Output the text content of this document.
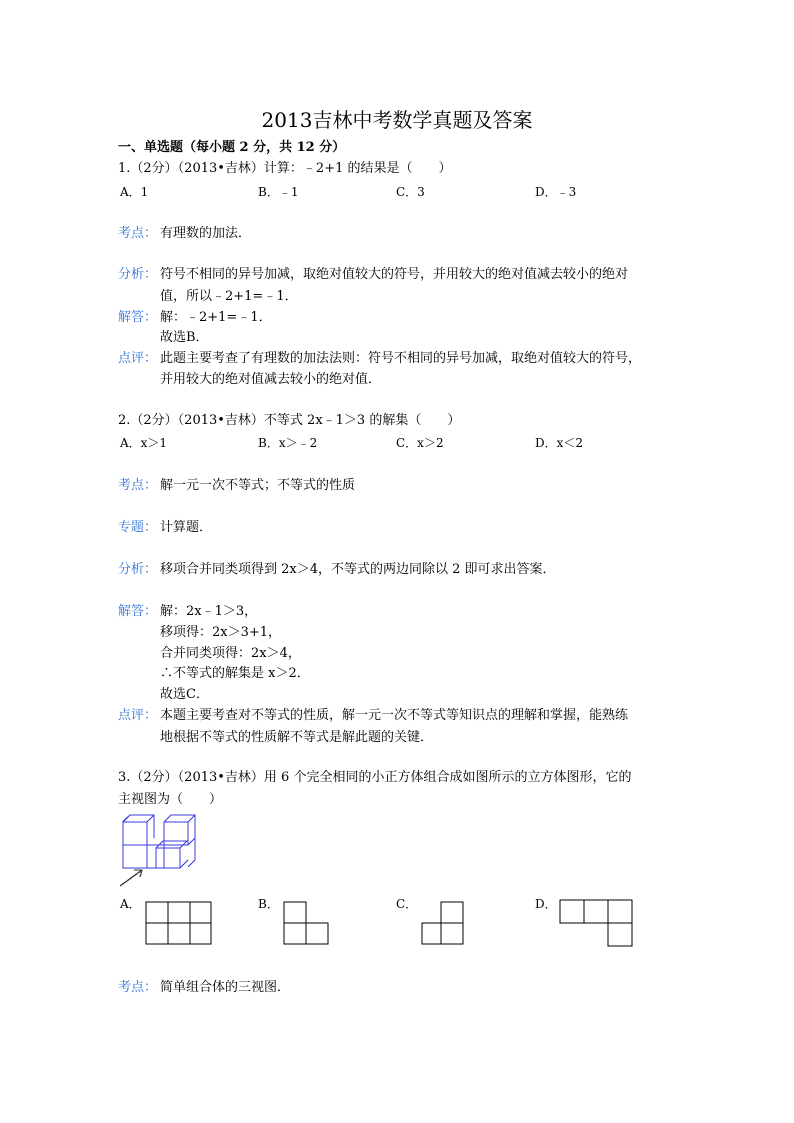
2013吉林中考数学真题及答案
一、单选题（每小题 2 分，共 12 分）
1.（2分）（2013•吉林）计算：﹣2+1 的结果是（　　）
A．1	B．﹣1	C．3	D．﹣3
考点： 有理数的加法．
分析： 符号不相同的异号加减，取绝对值较大的符号，并用较大的绝对值减去较小的绝对
值，所以﹣2+1=﹣1．
解答： 解：﹣2+1=﹣1．
故选B．
点评： 此题主要考查了有理数的加法法则：符号不相同的异号加减，取绝对值较大的符号，
并用较大的绝对值减去较小的绝对值．
2.（2分）（2013•吉林）不等式 2x﹣1＞3 的解集（　　）
A．x＞1	B．x＞﹣2	C．x＞2	D．x＜2
考点： 解一元一次不等式；不等式的性质
专题： 计算题．
分析： 移项合并同类项得到 2x＞4，不等式的两边同除以 2 即可求出答案．
解答： 解：2x﹣1＞3，
移项得：2x＞3+1，
合并同类项得：2x＞4，
∴不等式的解集是 x＞2．
故选C．
点评： 本题主要考查对不等式的性质，解一元一次不等式等知识点的理解和掌握，能熟练
地根据不等式的性质解不等式是解此题的关键．
3.（2分）（2013•吉林）用 6 个完全相同的小正方体组合成如图所示的立方体图形，它的
主视图为（　　）
A．	B．	C．	D．
考点： 简单组合体的三视图．
